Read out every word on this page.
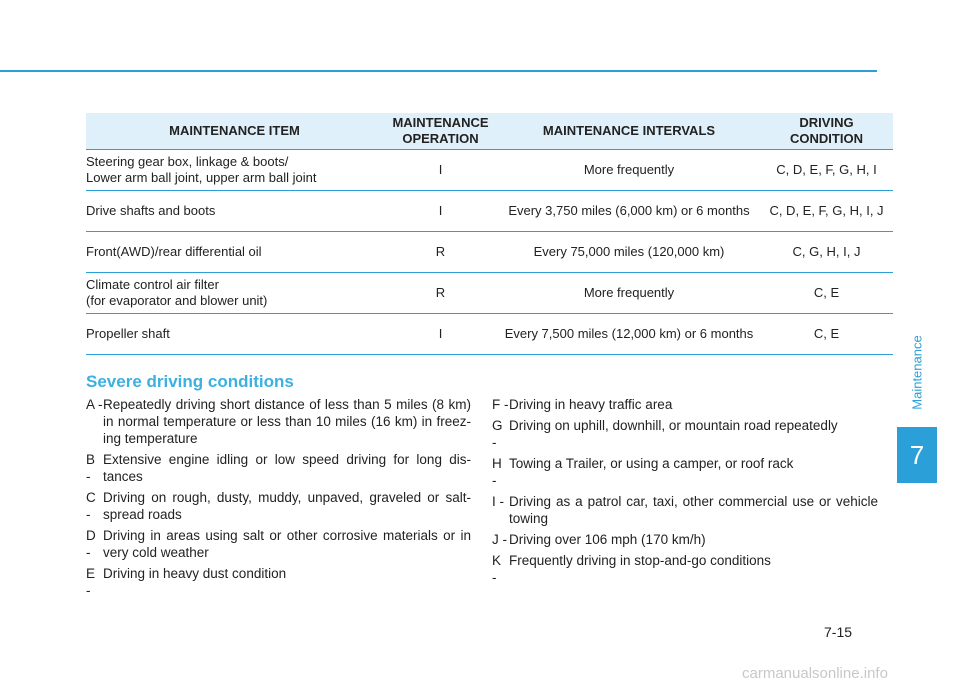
MAINTENANCE ITEM	MAINTENANCE OPERATION	MAINTENANCE INTERVALS	DRIVING CONDITION

Steering gear box, linkage & boots/
Lower arm ball joint, upper arm ball joint	I	More frequently	C, D, E, F, G, H, I

Drive shafts and boots	I	Every 3,750 miles (6,000 km) or 6 months	C, D, E, F, G, H, I, J

Front(AWD)/rear differential oil	R	Every 75,000 miles (120,000 km)	C, G, H, I, J

Climate control air filter
(for evaporator and blower unit)	R	More frequently	C, E

Propeller shaft	I	Every 7,500 miles (12,000 km) or 6 months	C, E
Severe driving conditions
A - Repeatedly driving short distance of less than 5 miles (8 km) in normal temperature or less than 10 miles (16 km) in freez-ing temperature
B -
Extensive engine idling or low speed driving for long dis-tances
C -
Driving on rough, dusty, muddy, unpaved, graveled or salt-spread roads
D -
Driving in areas using salt or other corrosive materials or in very cold weather
E -
Driving in heavy dust condition
F - Driving in heavy traffic area
G -
Driving on uphill, downhill, or mountain road repeatedly
H -
Towing a Trailer, or using a camper, or roof rack
I - Driving as a patrol car, taxi, other commercial use or vehicle towing
J - Driving over 106 mph (170 km/h)
K -
Frequently driving in stop-and-go conditions
Maintenance
7
7-15
carmanualsonline.info
